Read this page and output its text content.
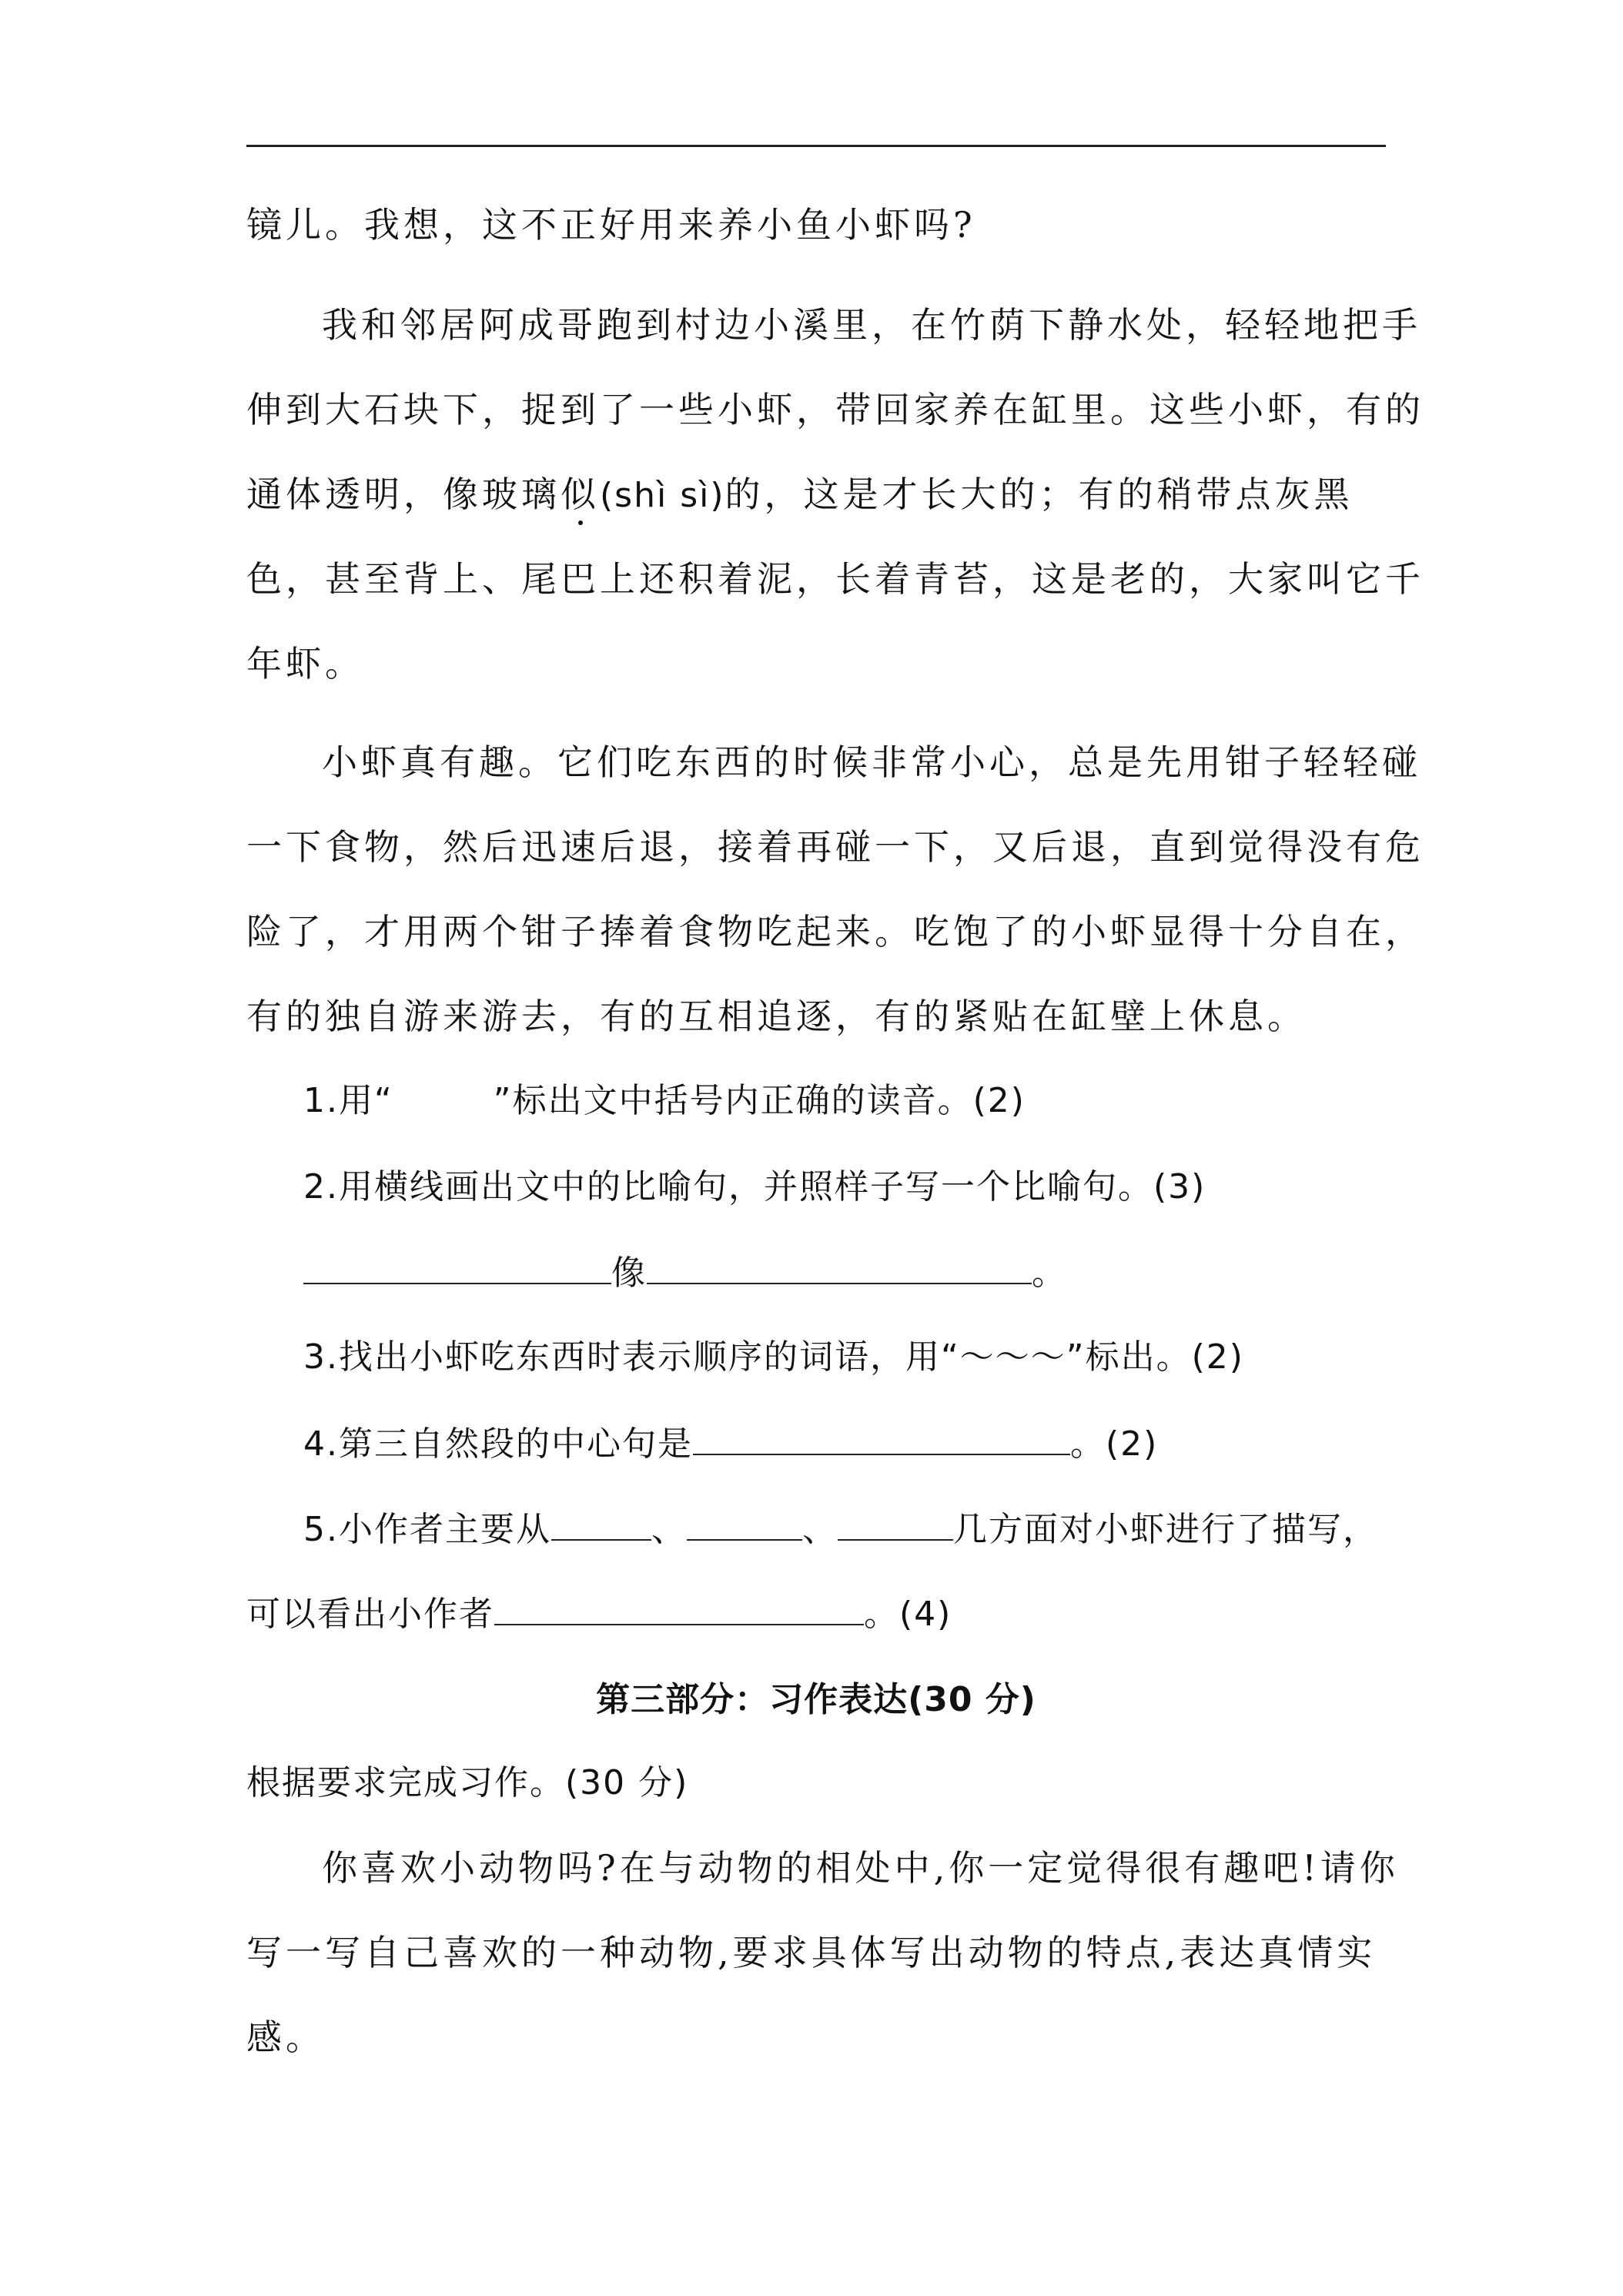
镜儿。我想，这不正好用来养小鱼小虾吗?
我和邻居阿成哥跑到村边小溪里，在竹荫下静水处，轻轻地把手
伸到大石块下，捉到了一些小虾，带回家养在缸里。这些小虾，有的
通体透明，像玻璃似(shì sì)的，这是才长大的；有的稍带点灰黑
色，甚至背上、尾巴上还积着泥，长着青苔，这是老的，大家叫它千
年虾。
小虾真有趣。它们吃东西的时候非常小心，总是先用钳子轻轻碰
一下食物，然后迅速后退，接着再碰一下，又后退，直到觉得没有危
险了，才用两个钳子捧着食物吃起来。吃饱了的小虾显得十分自在，
有的独自游来游去，有的互相追逐，有的紧贴在缸壁上休息。
1.用“	”标出文中括号内正确的读音。(2)
2.用横线画出文中的比喻句，并照样子写一个比喻句。(3)
像	。
3.找出小虾吃东西时表示顺序的词语，用“～～～”标出。(2)
4.第三自然段的中心句是	。(2)
5.小作者主要从	、	、	几方面对小虾进行了描写，
可以看出小作者	。(4)
第三部分：习作表达(30 分)
根据要求完成习作。(30 分)
你喜欢小动物吗?在与动物的相处中,你一定觉得很有趣吧!请你
写一写自己喜欢的一种动物,要求具体写出动物的特点,表达真情实
感。
